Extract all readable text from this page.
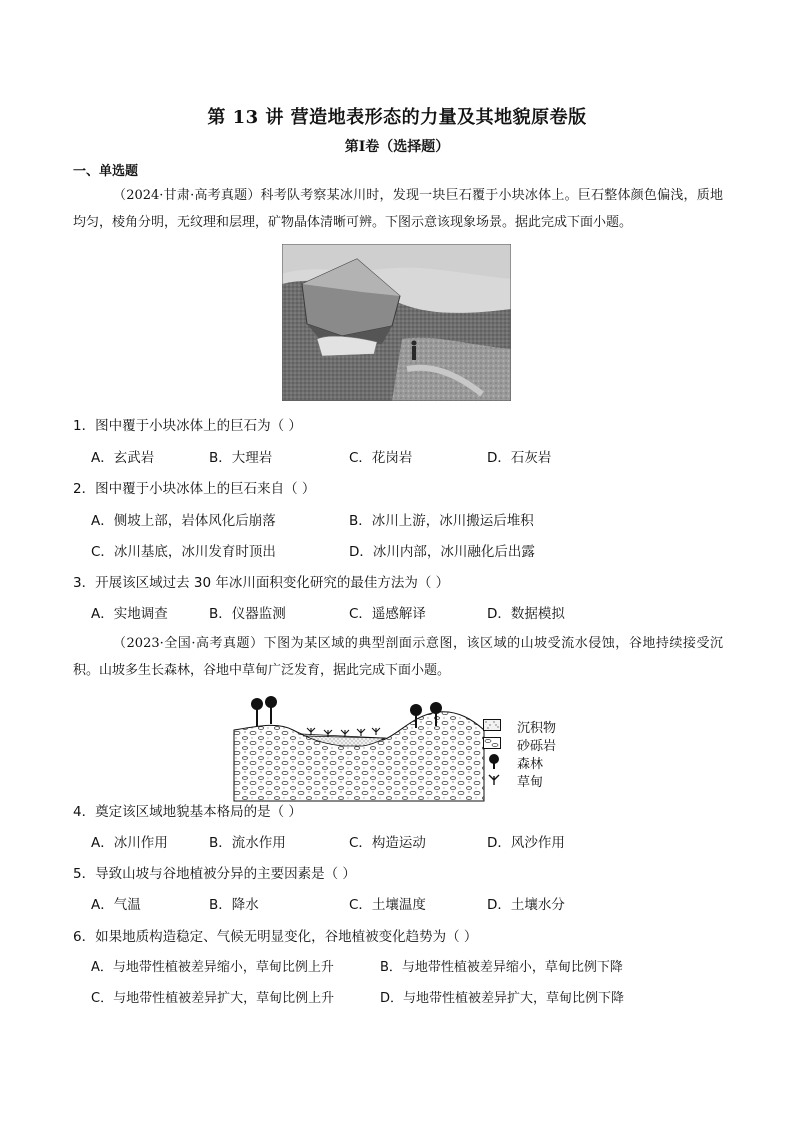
第 13 讲 营造地表形态的力量及其地貌原卷版
第Ⅰ卷（选择题）
一、单选题
（2024·甘肃·高考真题）科考队考察某冰川时，发现一块巨石覆于小块冰体上。巨石整体颜色偏浅，质地均匀，棱角分明，无纹理和层理，矿物晶体清晰可辨。下图示意该现象场景。据此完成下面小题。
1．图中覆于小块冰体上的巨石为（ ）
A．玄武岩	B．大理岩	C．花岗岩	D．石灰岩
2．图中覆于小块冰体上的巨石来自（ ）
A．侧坡上部，岩体风化后崩落	B．冰川上游，冰川搬运后堆积
C．冰川基底，冰川发育时顶出	D．冰川内部，冰川融化后出露
3．开展该区域过去 30 年冰川面积变化研究的最佳方法为（ ）
A．实地调查	B．仪器监测	C．遥感解译	D．数据模拟
（2023·全国·高考真题）下图为某区域的典型剖面示意图，该区域的山坡受流水侵蚀，谷地持续接受沉积。山坡多生长森林，谷地中草甸广泛发育，据此完成下面小题。
沉积物
砂砾岩
森林
草甸
4．奠定该区域地貌基本格局的是（ ）
A．冰川作用	B．流水作用	C．构造运动	D．风沙作用
5．导致山坡与谷地植被分异的主要因素是（ ）
A．气温	B．降水	C．土壤温度	D．土壤水分
6．如果地质构造稳定、气候无明显变化，谷地植被变化趋势为（ ）
A．与地带性植被差异缩小，草甸比例上升	B．与地带性植被差异缩小，草甸比例下降
C．与地带性植被差异扩大，草甸比例上升	D．与地带性植被差异扩大，草甸比例下降
